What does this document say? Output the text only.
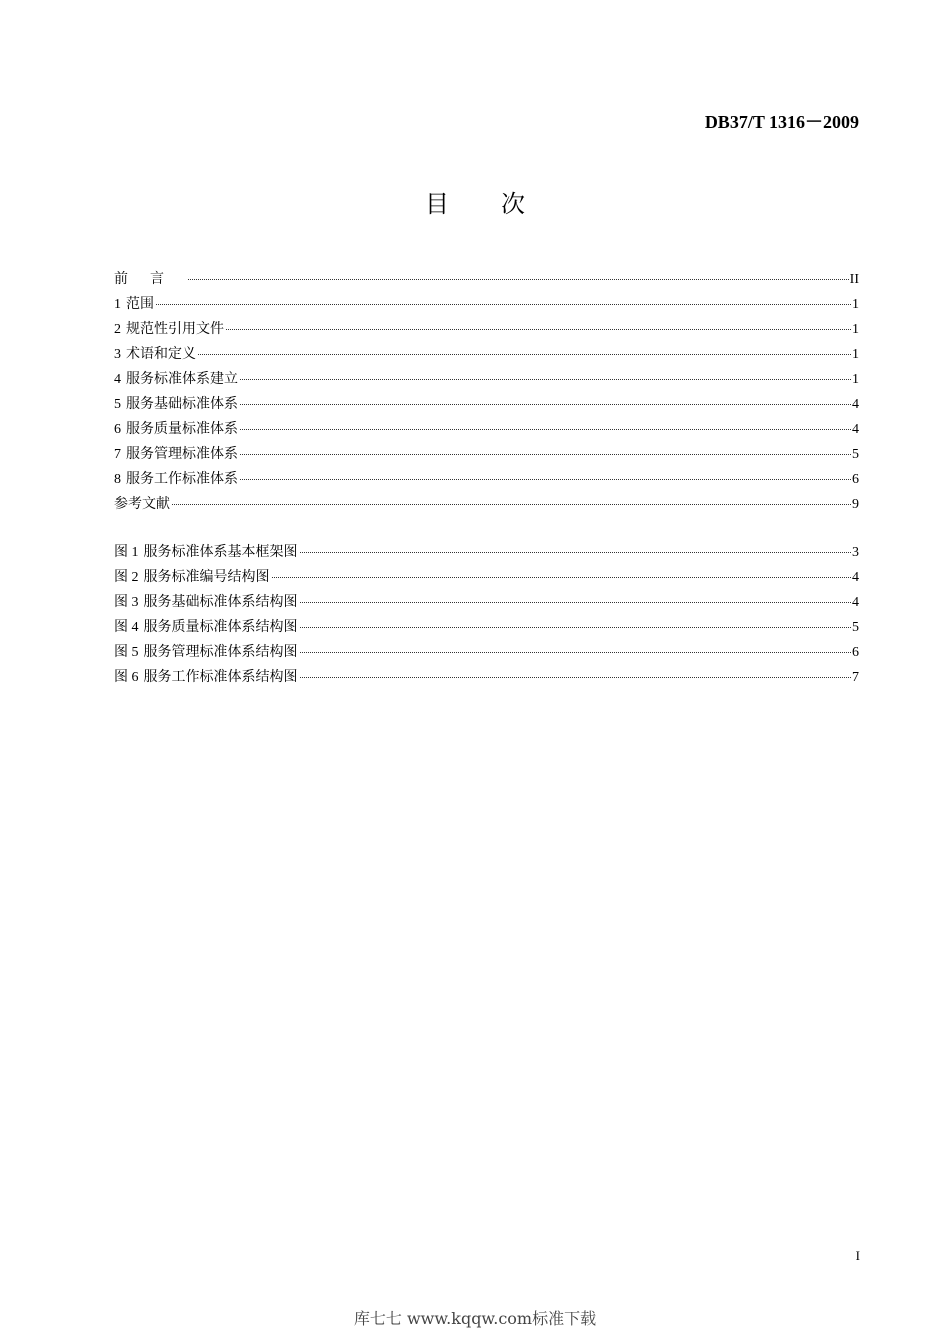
DB37/T 1316－2009
目 次
前言	II
1 范围	1
2 规范性引用文件	1
3 术语和定义	1
4 服务标准体系建立	1
5 服务基础标准体系	4
6 服务质量标准体系	4
7 服务管理标准体系	5
8 服务工作标准体系	6
参考文献	9
图 1 服务标准体系基本框架图	3
图 2 服务标准编号结构图	4
图 3 服务基础标准体系结构图	4
图 4 服务质量标准体系结构图	5
图 5 服务管理标准体系结构图	6
图 6 服务工作标准体系结构图	7
I
库七七 www.kqqw.com标准下载
